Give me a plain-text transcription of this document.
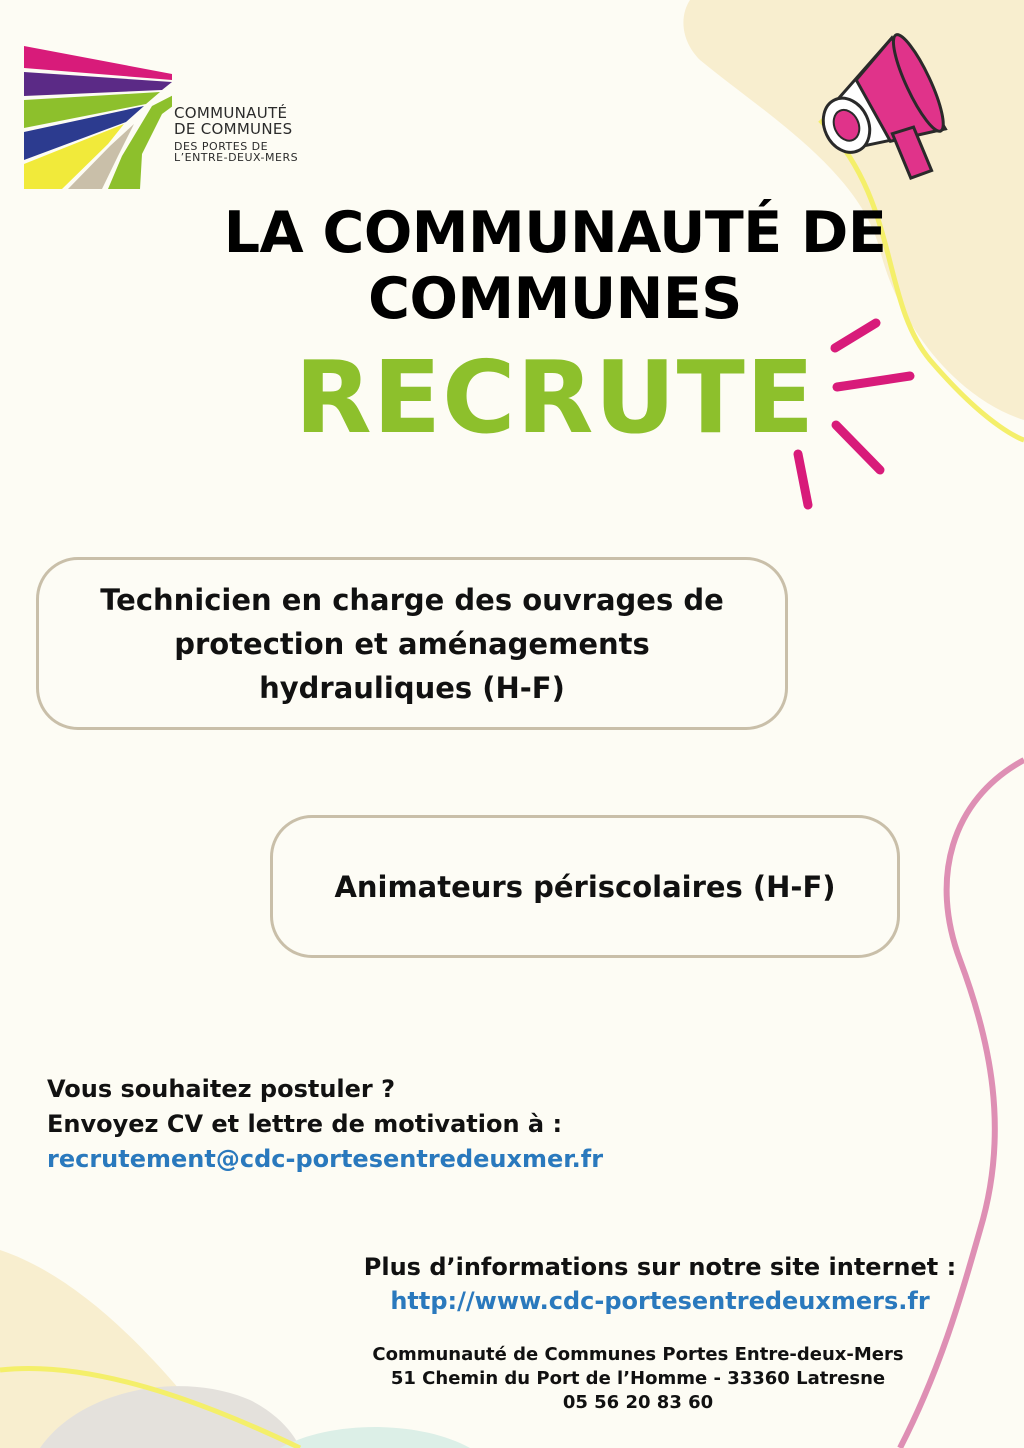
COMMUNAUTÉ
DE COMMUNES
DES PORTES DE
L’ENTRE-DEUX-MERS
LA COMMUNAUTÉ DE
COMMUNES
RECRUTE
Technicien en charge des ouvrages de
protection et aménagements
hydrauliques (H-F)
Animateurs périscolaires (H-F)
Vous souhaitez postuler ?
Envoyez CV et lettre de motivation à :
recrutement@cdc-portesentredeuxmer.fr
Plus d’informations sur notre site internet :
http://www.cdc-portesentredeuxmers.fr
Communauté de Communes Portes Entre-deux-Mers
51 Chemin du Port de l’Homme - 33360 Latresne
05 56 20 83 60
